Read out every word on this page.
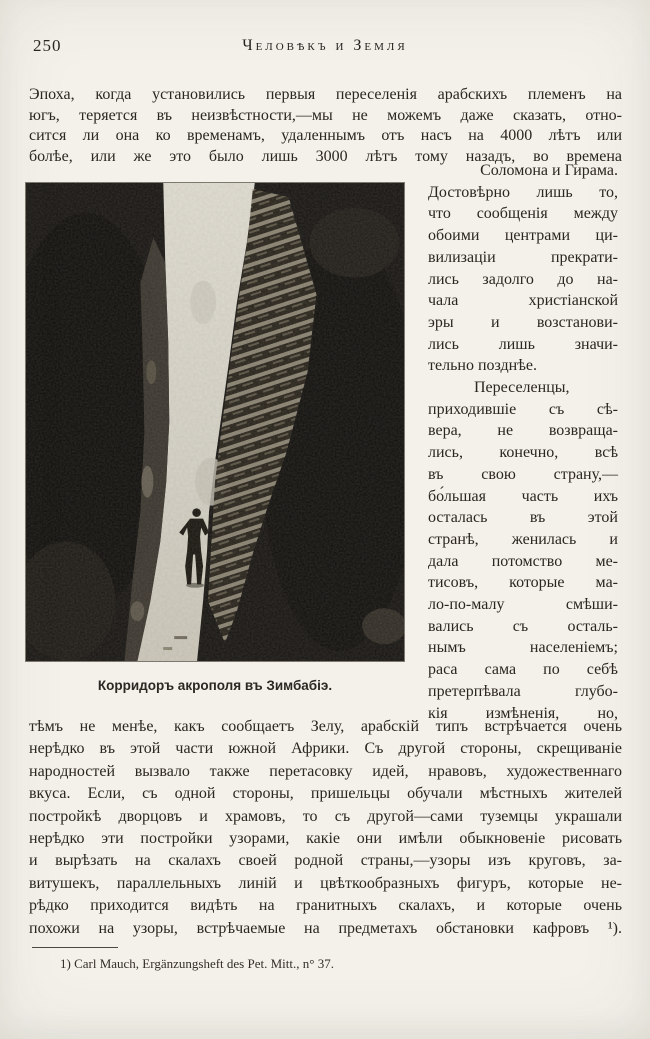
250	Человѣкъ и Земля
Эпоха, когда установились первыя переселенія арабскихъ племенъ на
югъ, теряется въ неизвѣстности,—мы не можемъ даже сказать, отно-
сится ли она ко временамъ, удаленнымъ отъ насъ на 4000 лѣтъ или
болѣе, или же это было лишь 3000 лѣтъ тому назадъ, во времена
Корридоръ акрополя въ Зимбабіэ.
Соломона и Гирама.
Достовѣрно лишь то,
что сообщенія между
обоими центрами ци-
вилизаціи прекрати-
лись задолго до на-
чала христіанской
эры и возстанови-
лись лишь значи-
тельно позднѣе.
Переселенцы,
приходившіе съ сѣ-
вера, не возвраща-
лись, конечно, всѣ
въ свою страну,—
бо́льшая часть ихъ
осталась въ этой
странѣ, женилась и
дала потомство ме-
тисовъ, которые ма-
ло-по-малу смѣши-
вались съ осталь-
нымъ населеніемъ;
раса сама по себѣ
претерпѣвала глубо-
кія измѣненія, но,
тѣмъ не менѣе, какъ сообщаетъ Зелу, арабскій типъ встрѣчается очень
нерѣдко въ этой части южной Африки. Съ другой стороны, скрещиваніе
народностей вызвало также перетасовку идей, нравовъ, художественнаго
вкуса. Если, съ одной стороны, пришельцы обучали мѣстныхъ жителей
постройкѣ дворцовъ и храмовъ, то съ другой—сами туземцы украшали
нерѣдко эти постройки узорами, какіе они имѣли обыкновеніе рисовать
и вырѣзать на скалахъ своей родной страны,—узоры изъ круговъ, за-
витушекъ, параллельныхъ линій и цвѣткообразныхъ фигуръ, которые не-
рѣдко приходится видѣть на гранитныхъ скалахъ, и которые очень
похожи на узоры, встрѣчаемые на предметахъ обстановки кафровъ ¹).
1) Carl Mauch, Ergänzungsheft des Pet. Mitt., n° 37.
